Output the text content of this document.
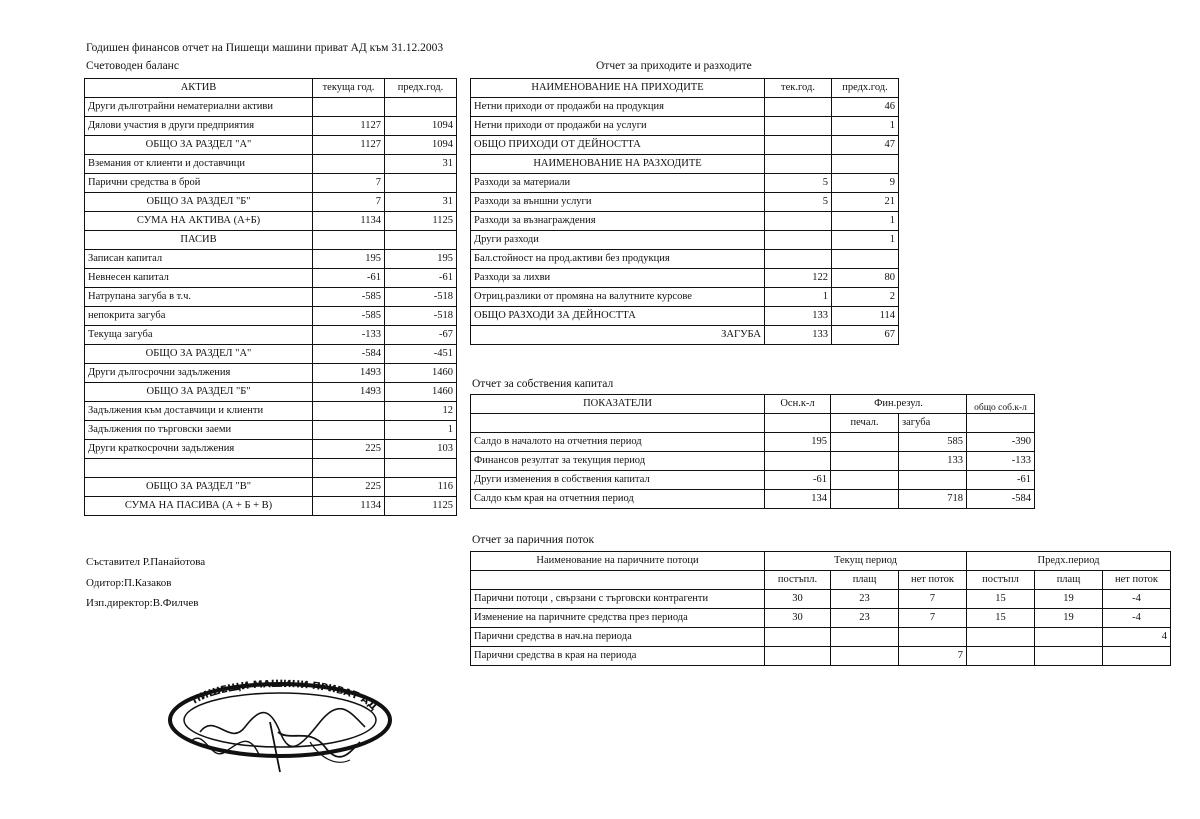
Годишен финансов отчет на Пишещи машини приват АД към 31.12.2003
Счетоводен баланс	Отчет за приходите и разходите
АКТИВ	текуща год.	предх.год.
Други дълготрайни нематериални активи		
Дялови участия в други предприятия	1127	1094
ОБЩО ЗА РАЗДЕЛ "А"	1127	1094
Вземания от клиенти и доставчици		31
Парични средства в брой	7	
ОБЩО ЗА РАЗДЕЛ "Б"	7	31
СУМА НА АКТИВА (А+Б)	1134	1125
ПАСИВ		
Записан капитал	195	195
Невнесен капитал	-61	-61
Натрупана загуба в т.ч.	-585	-518
непокрита загуба	-585	-518
Текуща загуба	-133	-67
ОБЩО ЗА РАЗДЕЛ "А"	-584	-451
Други дългосрочни задължения	1493	1460
ОБЩО ЗА РАЗДЕЛ "Б"	1493	1460
Задължения към доставчици и клиенти		12
Задължения по търговски заеми		1
Други краткосрочни задължения	225	103

ОБЩО ЗА РАЗДЕЛ "В"	225	116
СУМА НА ПАСИВА (А + Б + В)	1134	1125
НАИМЕНОВАНИЕ НА ПРИХОДИТЕ	тек.год.	предх.год.
Нетни приходи от продажби на продукция		46
Нетни приходи от продажби на услуги		1
ОБЩО ПРИХОДИ ОТ ДЕЙНОСТТА		47
НАИМЕНОВАНИЕ НА РАЗХОДИТЕ		
Разходи за материали	5	9
Разходи за външни услуги	5	21
Разходи за възнаграждения		1
Други разходи		1
Бал.стойност на прод.активи без продукция		
Разходи за лихви	122	80
Отриц.разлики от промяна на валутните курсове	1	2
ОБЩО РАЗХОДИ ЗА ДЕЙНОСТТА	133	114
ЗАГУБА	133	67
Отчет за собствения капитал
ПОКАЗАТЕЛИ	Осн.к-л	Фин.резул.		общо соб.к-л
		печал.	загуба	
Салдо в началото на отчетния период	195		585	-390
Финансов резултат за текущия период			133	-133
Други изменения в собствения капитал	-61			-61
Салдо към края на отчетния период	134		718	-584
Отчет за паричния поток
Наименование на паричните потоци	Текущ период			Предх.период		
	постъпл.	плащ	нет поток	постъпл	плащ	нет поток
Парични потоци , свързани с търговски контрагенти	30	23	7	15	19	-4
Изменение на паричните средства през периода	30	23	7	15	19	-4
Парични средства в нач.на периода						4
Парични средства в края на периода			7			
Съставител Р.Панайотова
Одитор:П.Казаков
Изп.директор:В.Филчев
ПИШЕЩИ МАШИНИ ПРИВАТ АД
